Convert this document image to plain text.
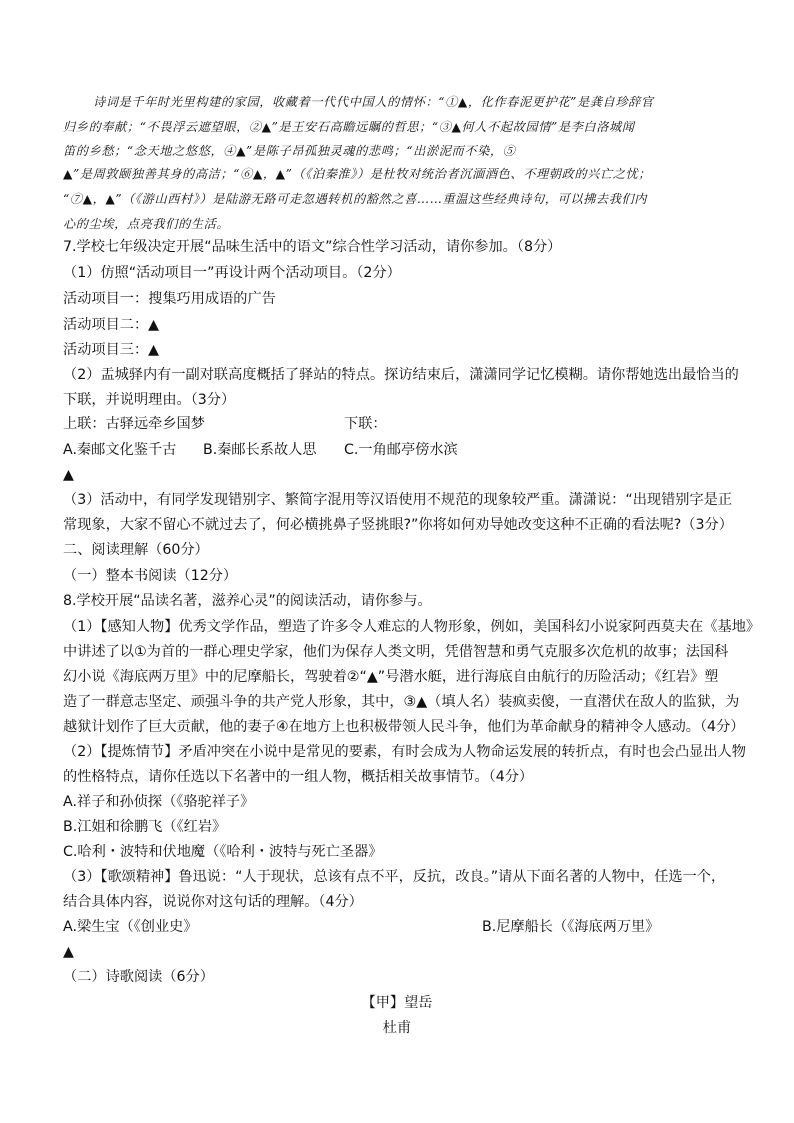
诗词是千年时光里构建的家园，收藏着一代代中国人的情怀：“①▲，化作春泥更护花”是龚自珍辞官
归乡的奉献；“不畏浮云遮望眼，②▲”是王安石高瞻远瞩的哲思；“③▲何人不起故园情”是李白洛城闻
笛的乡愁；“念天地之悠悠，④▲”是陈子昂孤独灵魂的悲鸣；“出淤泥而不染，⑤
▲”是周敦颐独善其身的高洁；“⑥▲，▲”（《泊秦淮》）是杜牧对统治者沉湎酒色、不理朝政的兴亡之忧；
“⑦▲，▲”（《游山西村》）是陆游无路可走忽遇转机的豁然之喜……重温这些经典诗句，可以拂去我们内
心的尘埃，点亮我们的生活。
7.学校七年级决定开展“品味生活中的语文”综合性学习活动，请你参加。（8分）
（1）仿照“活动项目一”再设计两个活动项目。（2分）
活动项目一：搜集巧用成语的广告
活动项目二：▲
活动项目三：▲
（2）盂城驿内有一副对联高度概括了驿站的特点。探访结束后，潇潇同学记忆模糊。请你帮她选出最恰当的
下联，并说明理由。（3分）
上联：古驿远牵乡国梦	下联：
A.秦邮文化鉴千古 B.秦邮长系故人思 C.一角邮亭傍水滨
▲
（3）活动中，有同学发现错别字、繁简字混用等汉语使用不规范的现象较严重。潇潇说：“出现错别字是正
常现象，大家不留心不就过去了，何必横挑鼻子竖挑眼?”你将如何劝导她改变这种不正确的看法呢?（3分）
二、阅读理解（60分）
（一）整本书阅读（12分）
8.学校开展“品读名著，滋养心灵”的阅读活动，请你参与。
（1）【感知人物】优秀文学作品，塑造了许多令人难忘的人物形象，例如，美国科幻小说家阿西莫夫在《基地》
中讲述了以①为首的一群心理史学家，他们为保存人类文明，凭借智慧和勇气克服多次危机的故事；法国科
幻小说《海底两万里》中的尼摩船长，驾驶着②“▲”号潜水艇，进行海底自由航行的历险活动；《红岩》塑
造了一群意志坚定、顽强斗争的共产党人形象，其中，③▲（填人名）装疯卖傻，一直潜伏在敌人的监狱，为
越狱计划作了巨大贡献，他的妻子④在地方上也积极带领人民斗争，他们为革命献身的精神令人感动。（4分）
（2）【提炼情节】矛盾冲突在小说中是常见的要素，有时会成为人物命运发展的转折点，有时也会凸显出人物
的性格特点，请你任选以下名著中的一组人物，概括相关故事情节。（4分）
A.祥子和孙侦探（《骆驼祥子》
B.江姐和徐鹏飞（《红岩》
C.哈利・波特和伏地魔（《哈利・波特与死亡圣器》
（3）【歌颂精神】鲁迅说：“人于现状，总该有点不平，反抗，改良。”请从下面名著的人物中，任选一个，
结合具体内容，说说你对这句话的理解。（4分）
A.梁生宝（《创业史》	B.尼摩船长（《海底两万里》
▲
（二）诗歌阅读（6分）
【甲】望岳
杜甫
